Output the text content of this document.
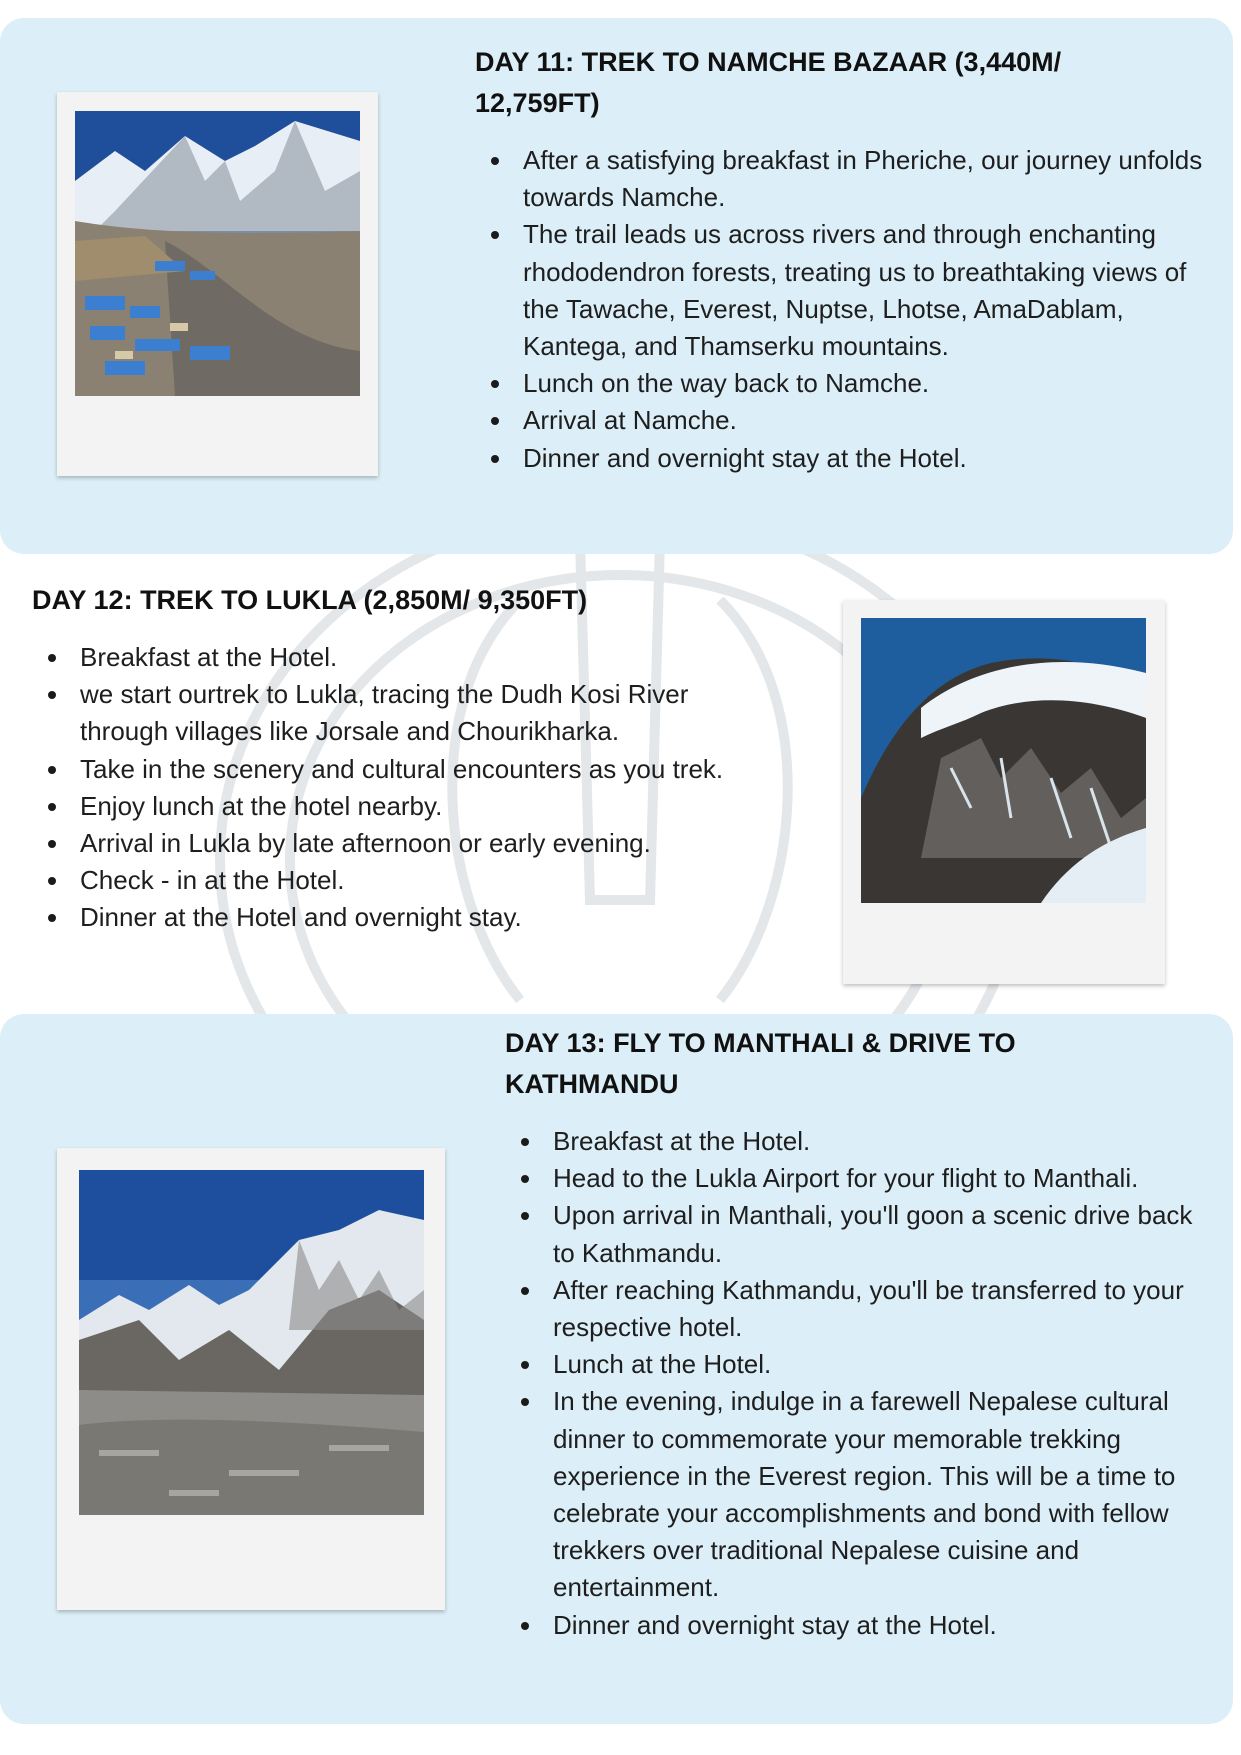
DAY 11: TREK TO NAMCHE BAZAAR (3,440M/ 12,759FT)
After a satisfying breakfast in Pheriche, our journey unfolds towards Namche.
The trail leads us across rivers and through enchanting rhododendron forests, treating us to breathtaking views of the Tawache, Everest, Nuptse, Lhotse, AmaDablam, Kantega, and Thamserku mountains.
Lunch on the way back to Namche.
Arrival at Namche.
Dinner and overnight stay at the Hotel.
DAY 12: TREK TO LUKLA (2,850M/ 9,350FT)
Breakfast at the Hotel.
we start ourtrek to Lukla, tracing the Dudh Kosi River through villages like Jorsale and Chourikharka.
Take in the scenery and cultural encounters as you trek.
Enjoy lunch at the hotel nearby.
Arrival in Lukla by late afternoon or early evening.
Check - in at the Hotel.
Dinner at the Hotel and overnight stay.
DAY 13: FLY TO MANTHALI & DRIVE TO KATHMANDU
Breakfast at the Hotel.
Head to the Lukla Airport for your flight to Manthali.
Upon arrival in Manthali, you'll goon a scenic drive back to Kathmandu.
After reaching Kathmandu, you'll be transferred to your respective hotel.
Lunch at the Hotel.
In the evening, indulge in a farewell Nepalese cultural dinner to commemorate your memorable trekking experience in the Everest region. This will be a time to celebrate your accomplishments and bond with fellow trekkers over traditional Nepalese cuisine and entertainment.
Dinner and overnight stay at the Hotel.
